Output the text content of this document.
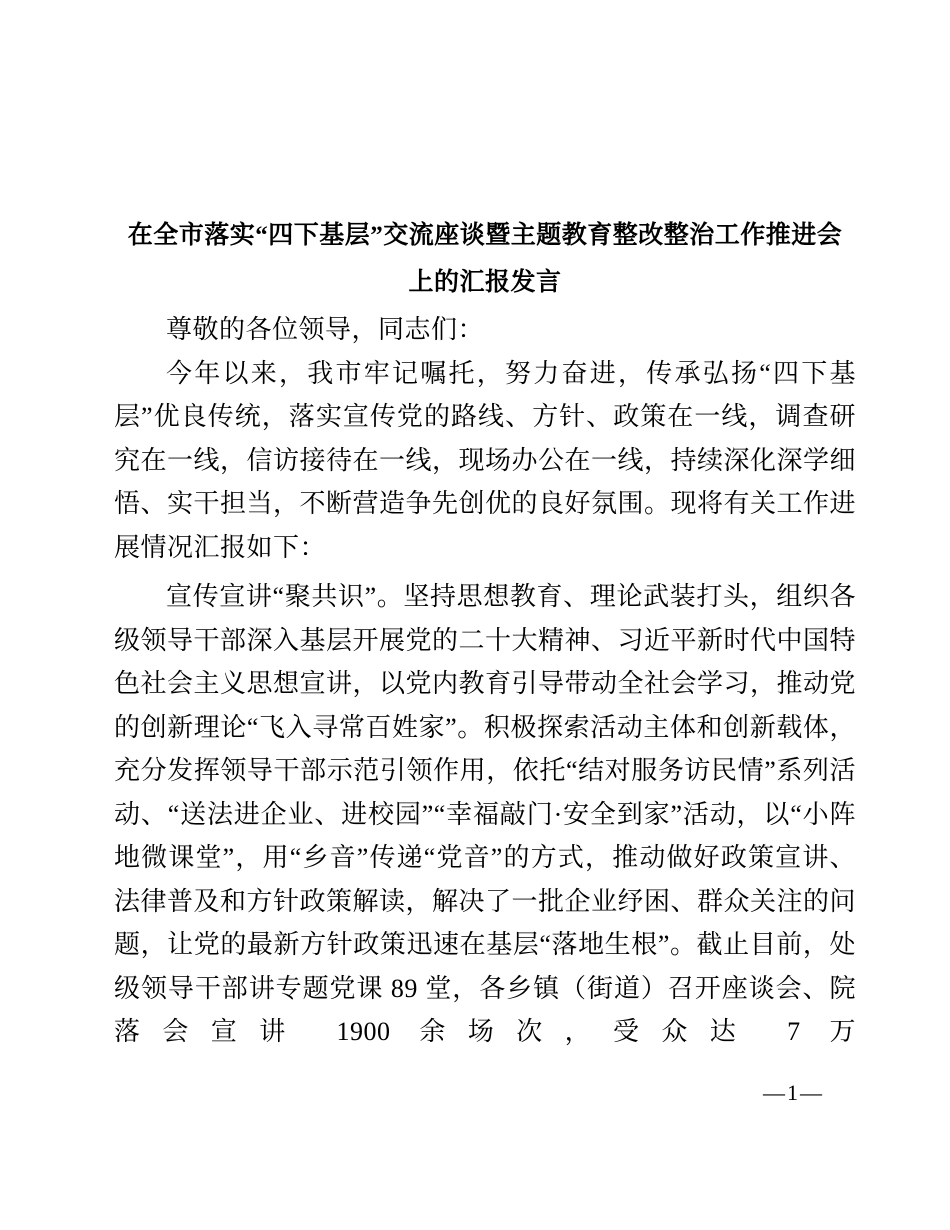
在全市落实“四下基层”交流座谈暨主题教育整改整治工作推进会
上的汇报发言

尊敬的各位领导，同志们：

今年以来，我市牢记嘱托，努力奋进，传承弘扬“四下基层”优良传统，落实宣传党的路线、方针、政策在一线，调查研究在一线，信访接待在一线，现场办公在一线，持续深化深学细悟、实干担当，不断营造争先创优的良好氛围。现将有关工作进展情况汇报如下：

宣传宣讲“聚共识”。坚持思想教育、理论武装打头，组织各级领导干部深入基层开展党的二十大精神、习近平新时代中国特色社会主义思想宣讲，以党内教育引导带动全社会学习，推动党的创新理论“飞入寻常百姓家”。积极探索活动主体和创新载体，充分发挥领导干部示范引领作用，依托“结对服务访民情”系列活动、“送法进企业、进校园”“幸福敲门·安全到家”活动，以“小阵地微课堂”，用“乡音”传递“党音”的方式，推动做好政策宣讲、法律普及和方针政策解读，解决了一批企业纾困、群众关注的问题，让党的最新方针政策迅速在基层“落地生根”。截止目前，处级领导干部讲专题党课 89 堂，各乡镇（街道）召开座谈会、院落会宣讲 1900 余场次，受众达 7 万

—1—
